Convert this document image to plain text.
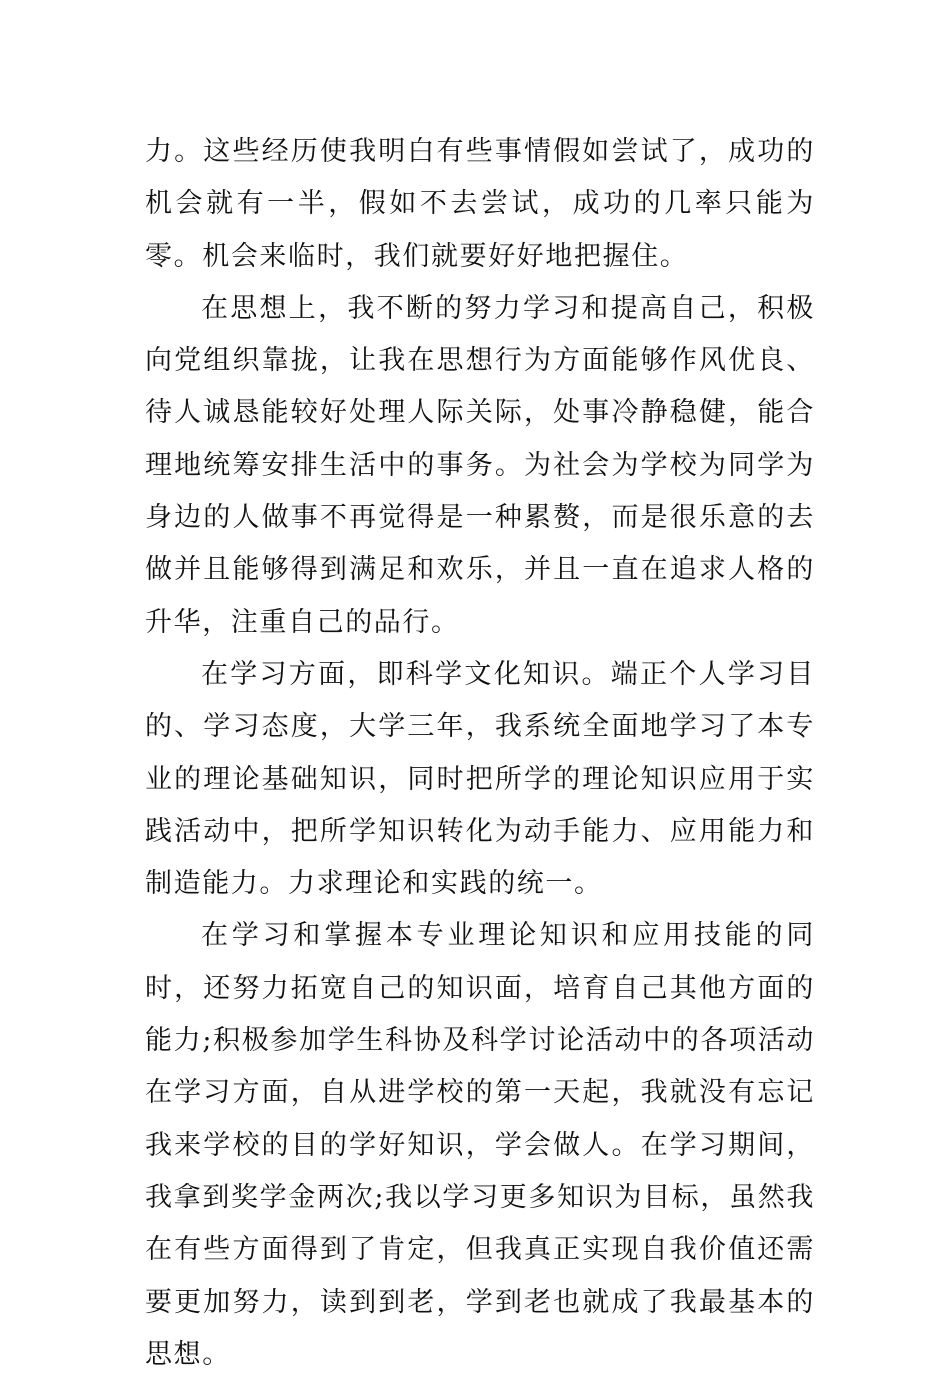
力。这些经历使我明白有些事情假如尝试了，成功的机会就有一半，假如不去尝试，成功的几率只能为零。机会来临时，我们就要好好地把握住。

在思想上，我不断的努力学习和提高自己，积极向党组织靠拢，让我在思想行为方面能够作风优良、待人诚恳能较好处理人际关际，处事冷静稳健，能合理地统筹安排生活中的事务。为社会为学校为同学为身边的人做事不再觉得是一种累赘，而是很乐意的去做并且能够得到满足和欢乐，并且一直在追求人格的升华，注重自己的品行。

在学习方面，即科学文化知识。端正个人学习目的、学习态度，大学三年，我系统全面地学习了本专业的理论基础知识，同时把所学的理论知识应用于实践活动中，把所学知识转化为动手能力、应用能力和制造能力。力求理论和实践的统一。

在学习和掌握本专业理论知识和应用技能的同时，还努力拓宽自己的知识面，培育自己其他方面的能力;积极参加学生科协及科学讨论活动中的各项活动在学习方面，自从进学校的第一天起，我就没有忘记我来学校的目的学好知识，学会做人。在学习期间，我拿到奖学金两次;我以学习更多知识为目标，虽然我在有些方面得到了肯定，但我真正实现自我价值还需要更加努力，读到到老，学到老也就成了我最基本的思想。
